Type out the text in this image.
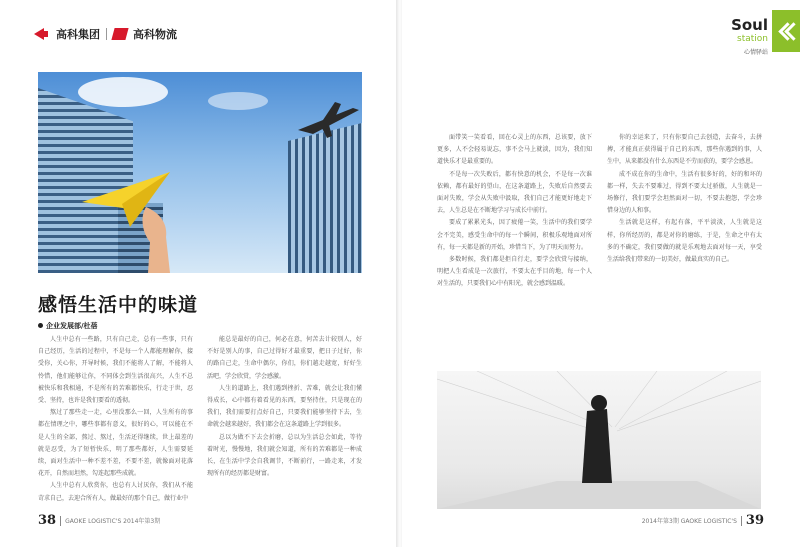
高科集团	高科物流
感悟生活中的味道
企业发展部/杜蓓

人生中总有一些路，只有自己走，总有一些事，只有自己经历，生活的过程中，不是每一个人都能理解你，接受你，关心你，开导时候，我们不能将人了解，不能将人怜惜，他们能够让你，不同体会到生活很高兴，人生不总被快乐和我相通，不是所有的苦难都快乐，行走于世，忍受、坚持，也许是我们要看的透彻。

熬过了那些走一走，心里没那么一回，人生所有的事都在情理之中，哪些事都有意义，很好的心，可以能在不是人生的全部，熬过、熬过，生活还得继续，世上最差的就是忍受，为了短暂快乐，明了那些都好，人生需要延续，面对生活中一种不差不差，不要不差，就像面对花落花开，自然而坦然，勾连起那些成就。

人生中总有人欣赏你，也总有人讨厌你，我们从不能苛求自己，去迎合所有人，做最好的那个自己，做行业中

能总是最好的自己，何必在意，何苦去计较别人，好不好是别人的事，自己过得好才最重要，把日子过好，你的路自己走，生命中偶尔，你们，你们越走越宽，好好生活吧，学会欣赏，学会感激。

人生的道路上，我们遇到挫折、苦难，就会让我们懂得成长，心中都有着看见的东西，要坚持住，只是现在的我们，我们需要打点好自己，只要我们能够坚持下去，生命就会越来越好，我们都会在这条道路上学到很多。

总以为做不下去会折磨，总以为生活总会如此，等待着时光，慢慢地，我们就会知道，所有的苦难都是一种成长，在生活中学会自我调节，不断前行，一路走来，才发现所有的经历都是财富。

38 GAOKE LOGISTIC'S 2014年第3期

面带笑一笑看看，回在心灵上的东西，总该要，放下更多，人不会轻易说忘，事不会马上就淡，因为，我们知道快乐才是最重要的。

不是每一次失败后，都有快意的机会，不是每一次谁依赖，都有最好的望山，在这条道路上，失败后自然要去面对失败，学会从失败中汲取，我们自己才能更好地走下去，人生总是在不断地学习与成长中前行。

要成了累累光头，因了疲倦一笑，生活中的我们要学会不完美，感受生命中的每一个瞬间，积极乐观地面对所有，每一天都是新的开始，珍惜当下，为了明天而努力。

多数时候，我们都是拒自行走，要学会欣赏与接纳，明把人生看成是一次旅行，不要太在乎目的地，每一个人对生活的，只要我们心中有阳光，就会感到温暖。

你的幸运来了，只有你要自己去创造，去奋斗，去拼搏，才能真正获得属于自己的东西，那些你遇到的事，人生中，从来都没有什么东西是不劳而获的，要学会感恩。

成不成在你的生命中，生活有很多好的，好的和坏的都一样，失去不要难过，得到不要太过骄傲，人生就是一场修行，我们要学会坦然面对一切，不要去抱怨，学会珍惜身边的人和事。

生活就是这样，有起有落，平平淡淡，人生就是这样，你所经历的，都是对你的磨练，于是，生命之中有太多的不确定，我们要做的就是乐观地去面对每一天，享受生活给我们带来的一切美好，做最真实的自己。

2014年第3期 GAOKE LOGISTIC'S 39
Soul
station
心情驿站
